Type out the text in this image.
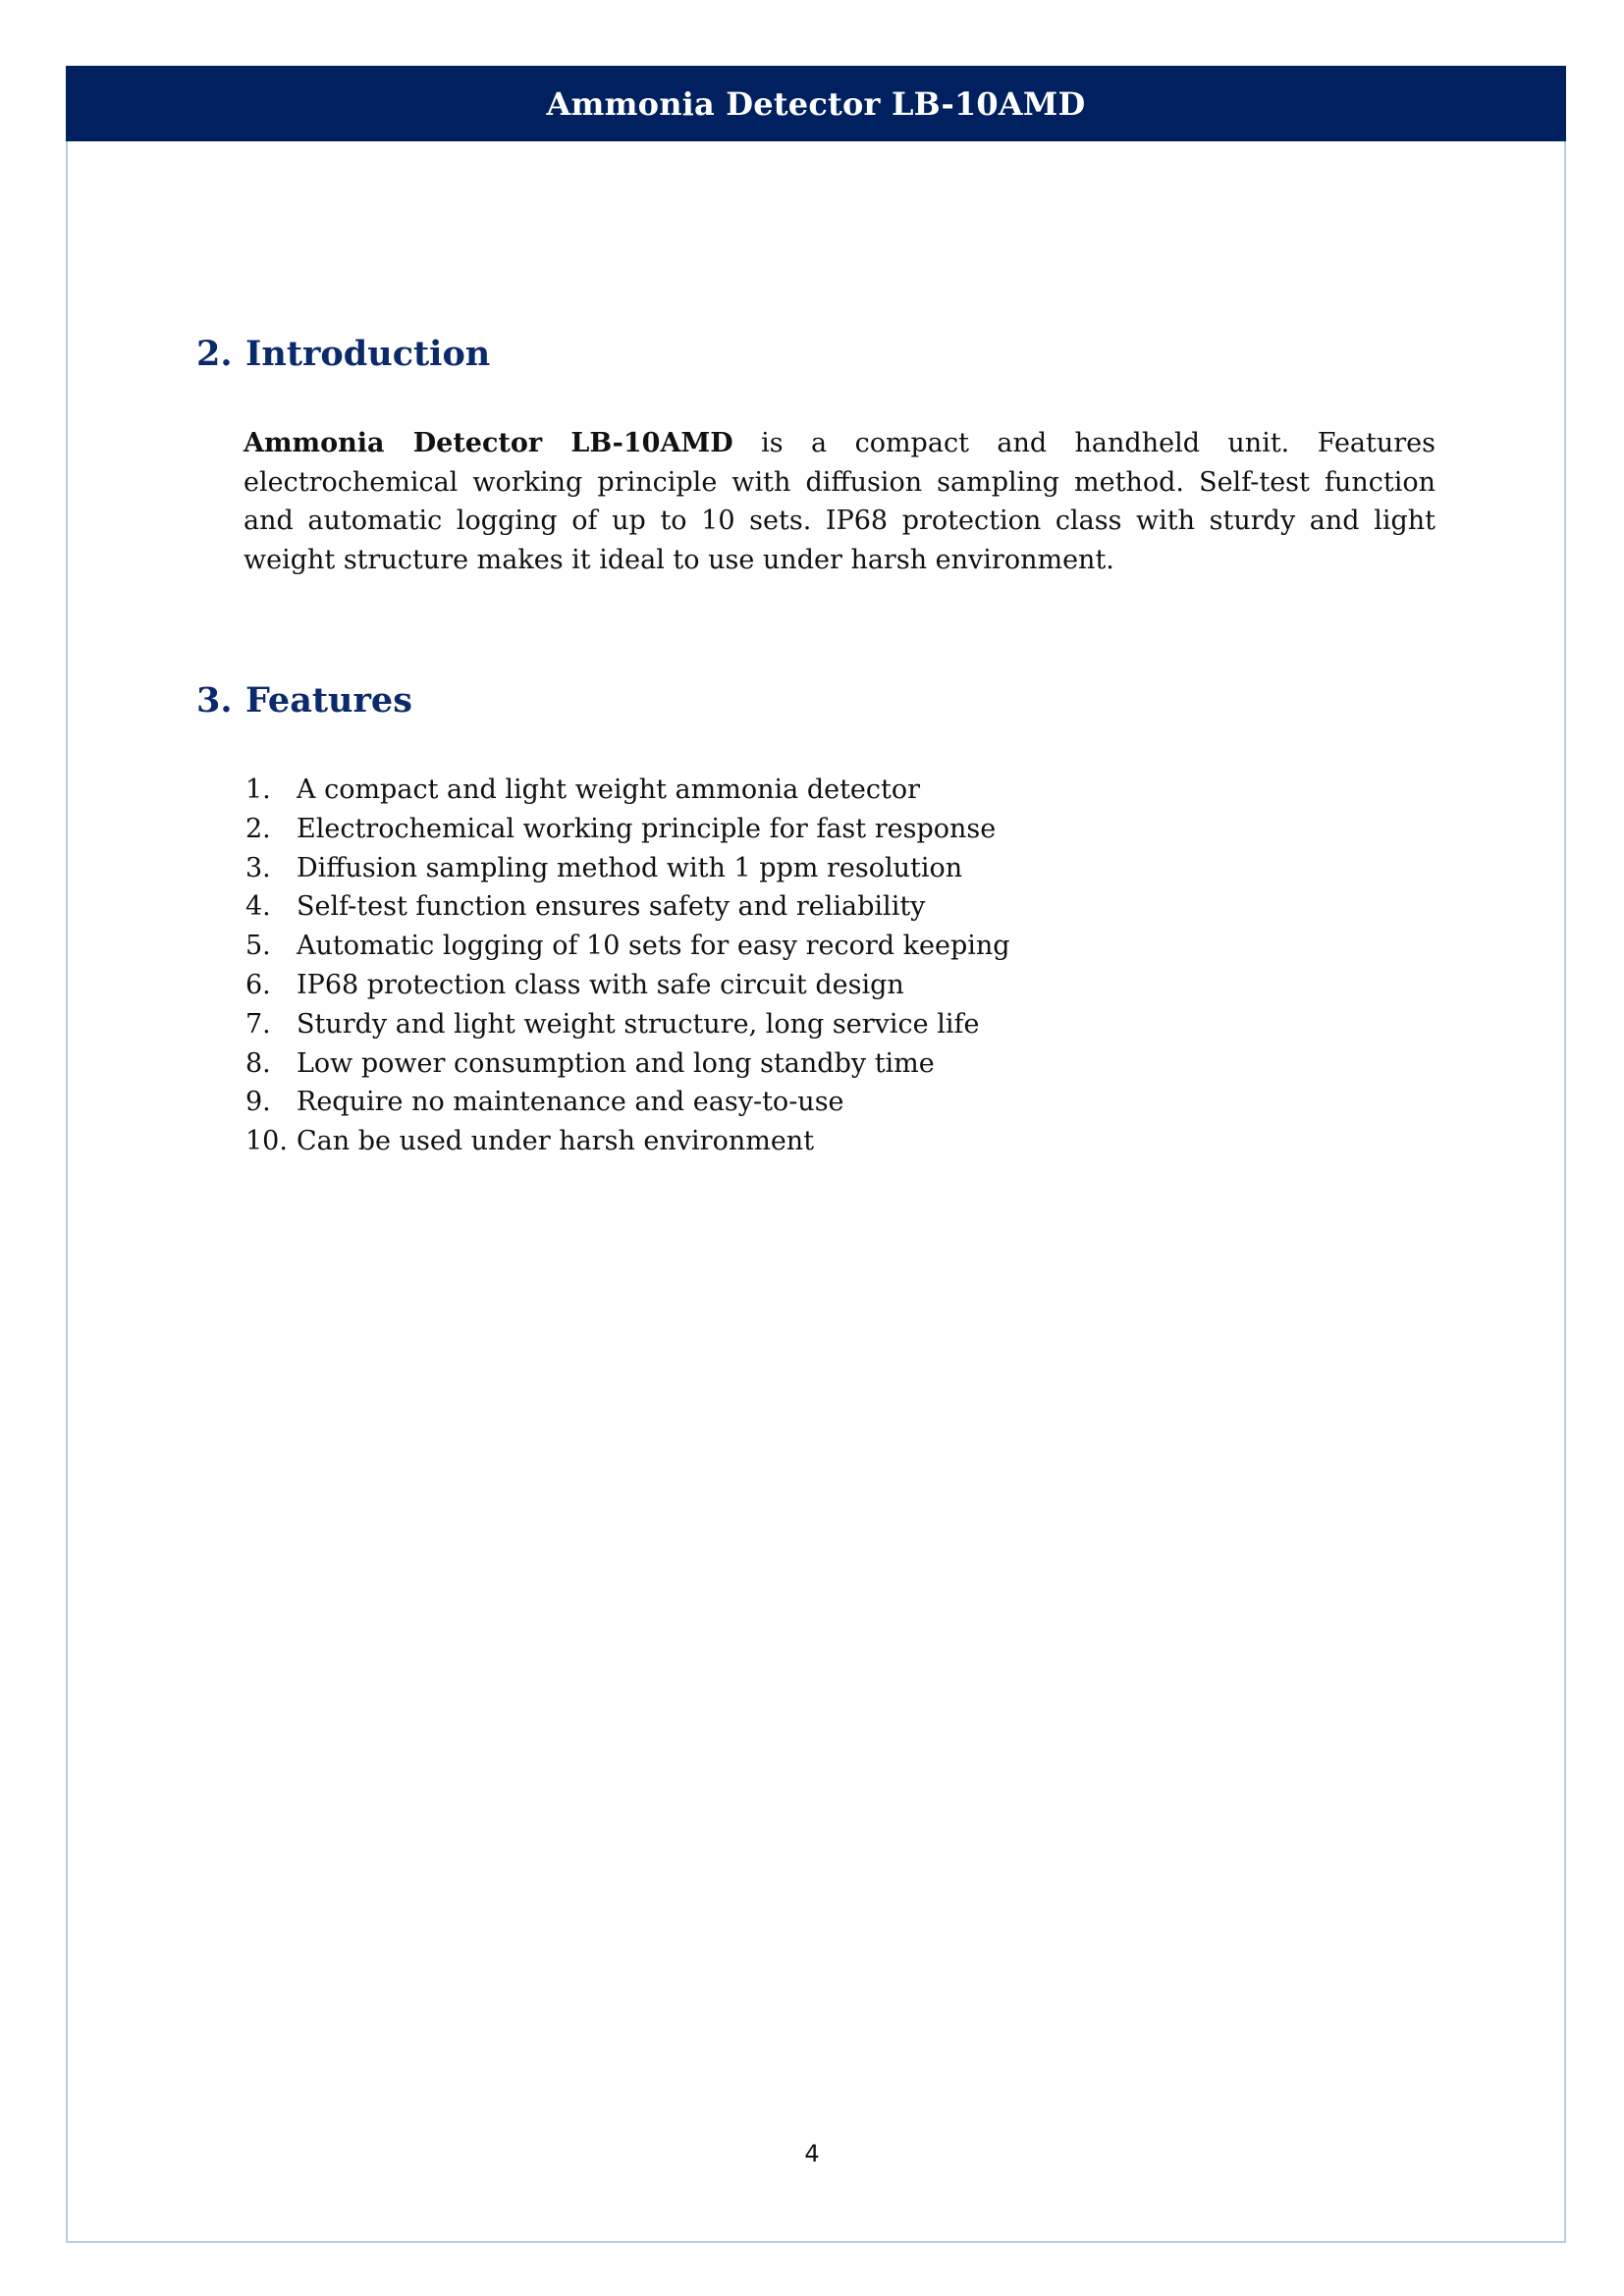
Ammonia Detector LB-10AMD
2. Introduction

Ammonia Detector LB-10AMD is a compact and handheld unit. Features electrochemical working principle with diffusion sampling method. Self-test function and automatic logging of up to 10 sets. IP68 protection class with sturdy and light weight structure makes it ideal to use under harsh environment.

3. Features
1. A compact and light weight ammonia detector
2. Electrochemical working principle for fast response
3. Diffusion sampling method with 1 ppm resolution
4. Self-test function ensures safety and reliability
5. Automatic logging of 10 sets for easy record keeping
6. IP68 protection class with safe circuit design
7. Sturdy and light weight structure, long service life
8. Low power consumption and long standby time
9. Require no maintenance and easy-to-use
10. Can be used under harsh environment
4
